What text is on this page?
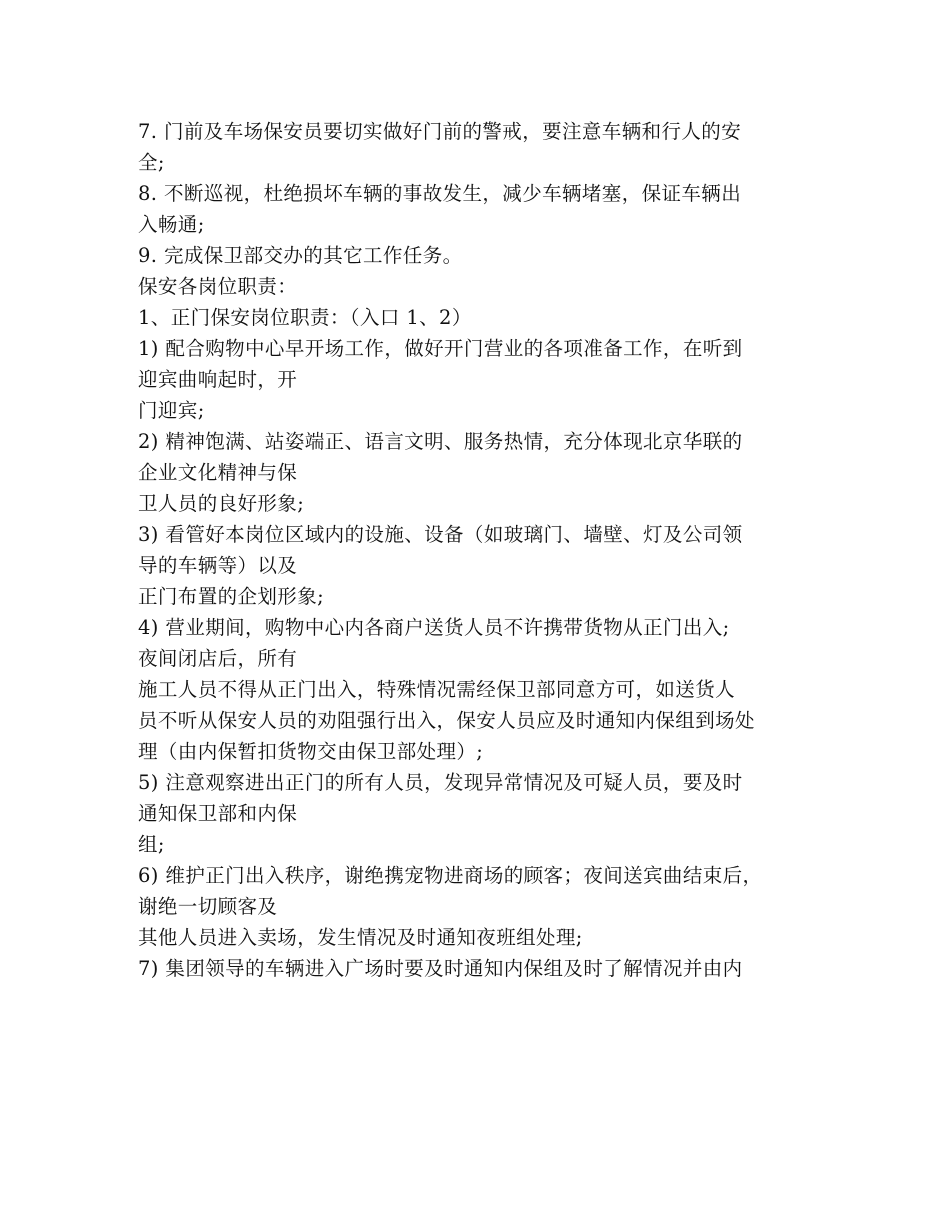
7. 门前及车场保安员要切实做好门前的警戒，要注意车辆和行人的安
全;
8. 不断巡视，杜绝损坏车辆的事故发生，减少车辆堵塞，保证车辆出
入畅通;
9. 完成保卫部交办的其它工作任务。
保安各岗位职责：
1、正门保安岗位职责：（入口 1、2）
1) 配合购物中心早开场工作，做好开门营业的各项准备工作，在听到
迎宾曲响起时，开
门迎宾;
2) 精神饱满、站姿端正、语言文明、服务热情，充分体现北京华联的
企业文化精神与保
卫人员的良好形象;
3) 看管好本岗位区域内的设施、设备（如玻璃门、墙壁、灯及公司领
导的车辆等）以及
正门布置的企划形象;
4) 营业期间，购物中心内各商户送货人员不许携带货物从正门出入;
夜间闭店后，所有
施工人员不得从正门出入，特殊情况需经保卫部同意方可，如送货人
员不听从保安人员的劝阻强行出入，保安人员应及时通知内保组到场处
理（由内保暂扣货物交由保卫部处理）;
5) 注意观察进出正门的所有人员，发现异常情况及可疑人员，要及时
通知保卫部和内保
组;
6) 维护正门出入秩序，谢绝携宠物进商场的顾客；夜间送宾曲结束后，
谢绝一切顾客及
其他人员进入卖场，发生情况及时通知夜班组处理;
7) 集团领导的车辆进入广场时要及时通知内保组及时了解情况并由内
